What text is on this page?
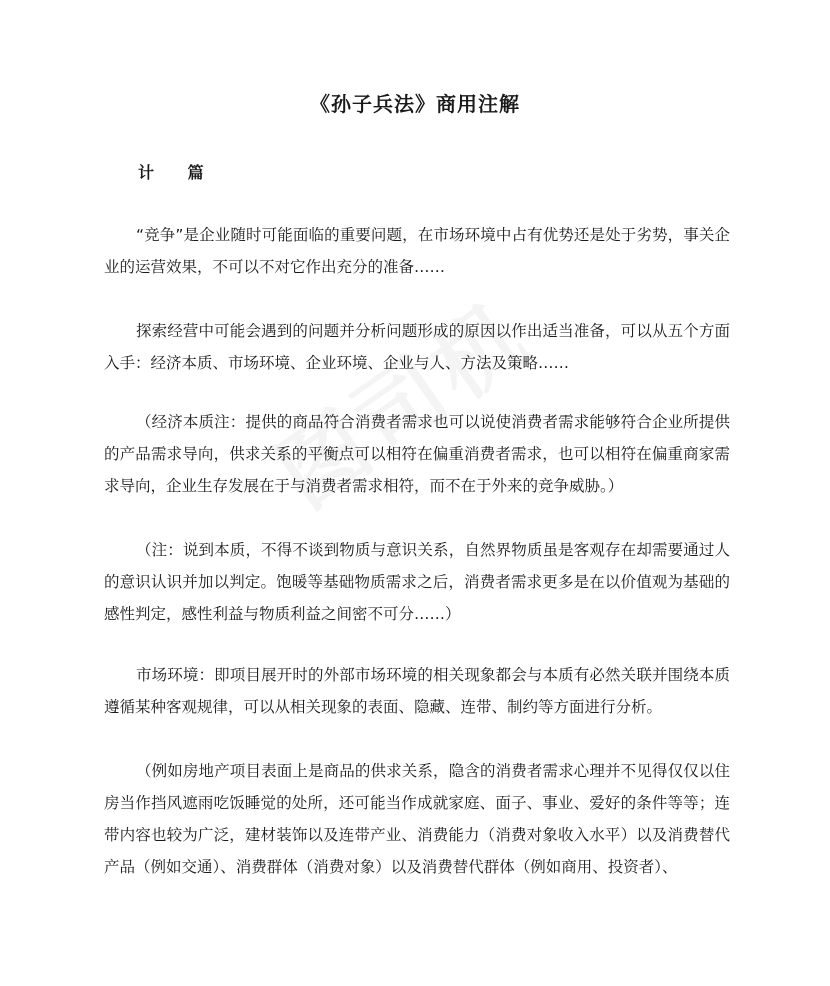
《孙子兵法》商用注解
计 篇

“竞争”是企业随时可能面临的重要问题，在市场环境中占有优势还是处于劣势，事关企业的运营效果，不可以不对它作出充分的准备……

探索经营中可能会遇到的问题并分析问题形成的原因以作出适当准备，可以从五个方面入手：经济本质、市场环境、企业环境、企业与人、方法及策略……

（经济本质注：提供的商品符合消费者需求也可以说使消费者需求能够符合企业所提供的产品需求导向，供求关系的平衡点可以相符在偏重消费者需求，也可以相符在偏重商家需求导向，企业生存发展在于与消费者需求相符，而不在于外来的竞争威胁。）

（注：说到本质，不得不谈到物质与意识关系，自然界物质虽是客观存在却需要通过人的意识认识并加以判定。饱暖等基础物质需求之后，消费者需求更多是在以价值观为基础的感性判定，感性利益与物质利益之间密不可分……）

市场环境：即项目展开时的外部市场环境的相关现象都会与本质有必然关联并围绕本质遵循某种客观规律，可以从相关现象的表面、隐藏、连带、制约等方面进行分析。

（例如房地产项目表面上是商品的供求关系，隐含的消费者需求心理并不见得仅仅以住房当作挡风遮雨吃饭睡觉的处所，还可能当作成就家庭、面子、事业、爱好的条件等等；连带内容也较为广泛，建材装饰以及连带产业、消费能力（消费对象收入水平）以及消费替代产品（例如交通）、消费群体（消费对象）以及消费替代群体（例如商用、投资者）、
